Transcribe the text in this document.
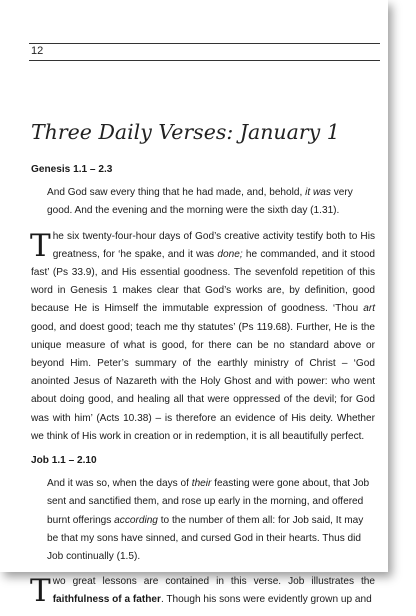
12
Three Daily Verses: January 1

Genesis 1.1 – 2.3

And God saw every thing that he had made, and, behold, it was very good. And the evening and the morning were the sixth day (1.31).

The six twenty-four-hour days of God’s creative activity testify both to His greatness, for ‘he spake, and it was done; he commanded, and it stood fast’ (Ps 33.9), and His essential goodness. The sevenfold repetition of this word in Genesis 1 makes clear that God’s works are, by definition, good because He is Himself the immutable expression of goodness. ‘Thou art good, and doest good; teach me thy statutes’ (Ps 119.68). Further, He is the unique measure of what is good, for there can be no standard above or beyond Him. Peter’s summary of the earthly ministry of Christ – ‘God anointed Jesus of Nazareth with the Holy Ghost and with power: who went about doing good, and healing all that were oppressed of the devil; for God was with him’ (Acts 10.38) – is therefore an evidence of His deity. Whether we think of His work in creation or in redemption, it is all beautifully perfect.

Job 1.1 – 2.10

And it was so, when the days of their feasting were gone about, that Job sent and sanctified them, and rose up early in the morning, and offered burnt offerings according to the number of them all: for Job said, It may be that my sons have sinned, and cursed God in their hearts. Thus did Job continually (1.5).

Two great lessons are contained in this verse. Job illustrates the faithfulness of a father. Though his sons were evidently grown up and
